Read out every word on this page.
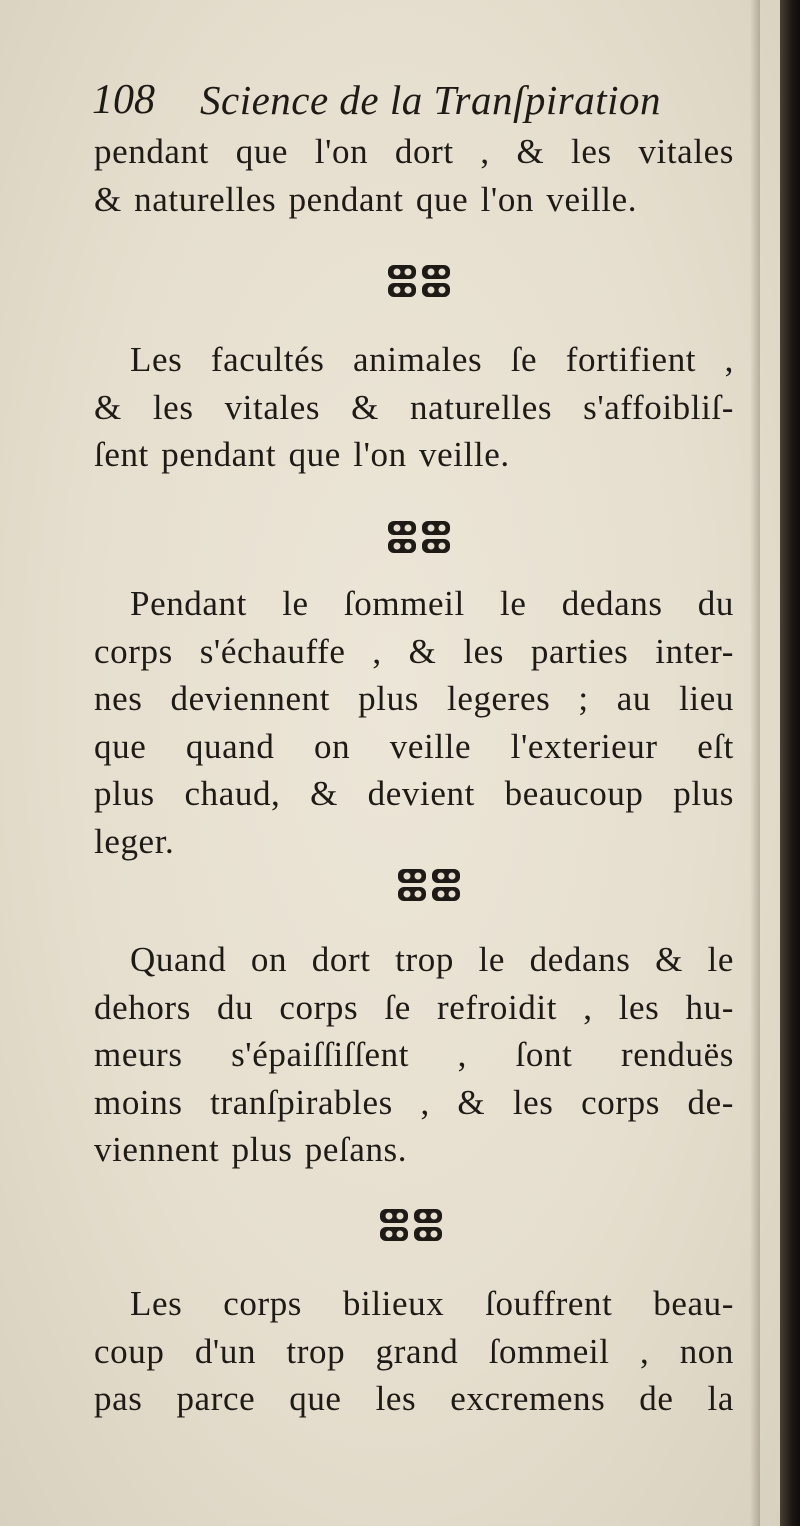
108 Science de la Tranſpiration
pendant que l'on dort , & les vitales
& naturelles pendant que l'on veille.
Les facultés animales ſe fortifient ,
& les vitales & naturelles s'affoibliſ-
ſent pendant que l'on veille.
Pendant le ſommeil le dedans du
corps s'échauffe , & les parties inter-
nes deviennent plus legeres ; au lieu
que quand on veille l'exterieur eſt
plus chaud, & devient beaucoup plus
leger.
Quand on dort trop le dedans & le
dehors du corps ſe refroidit , les hu-
meurs s'épaiſſiſſent , ſont renduës
moins tranſpirables , & les corps de-
viennent plus peſans.
Les corps bilieux ſouffrent beau-
coup d'un trop grand ſommeil , non
pas parce que les excremens de la
